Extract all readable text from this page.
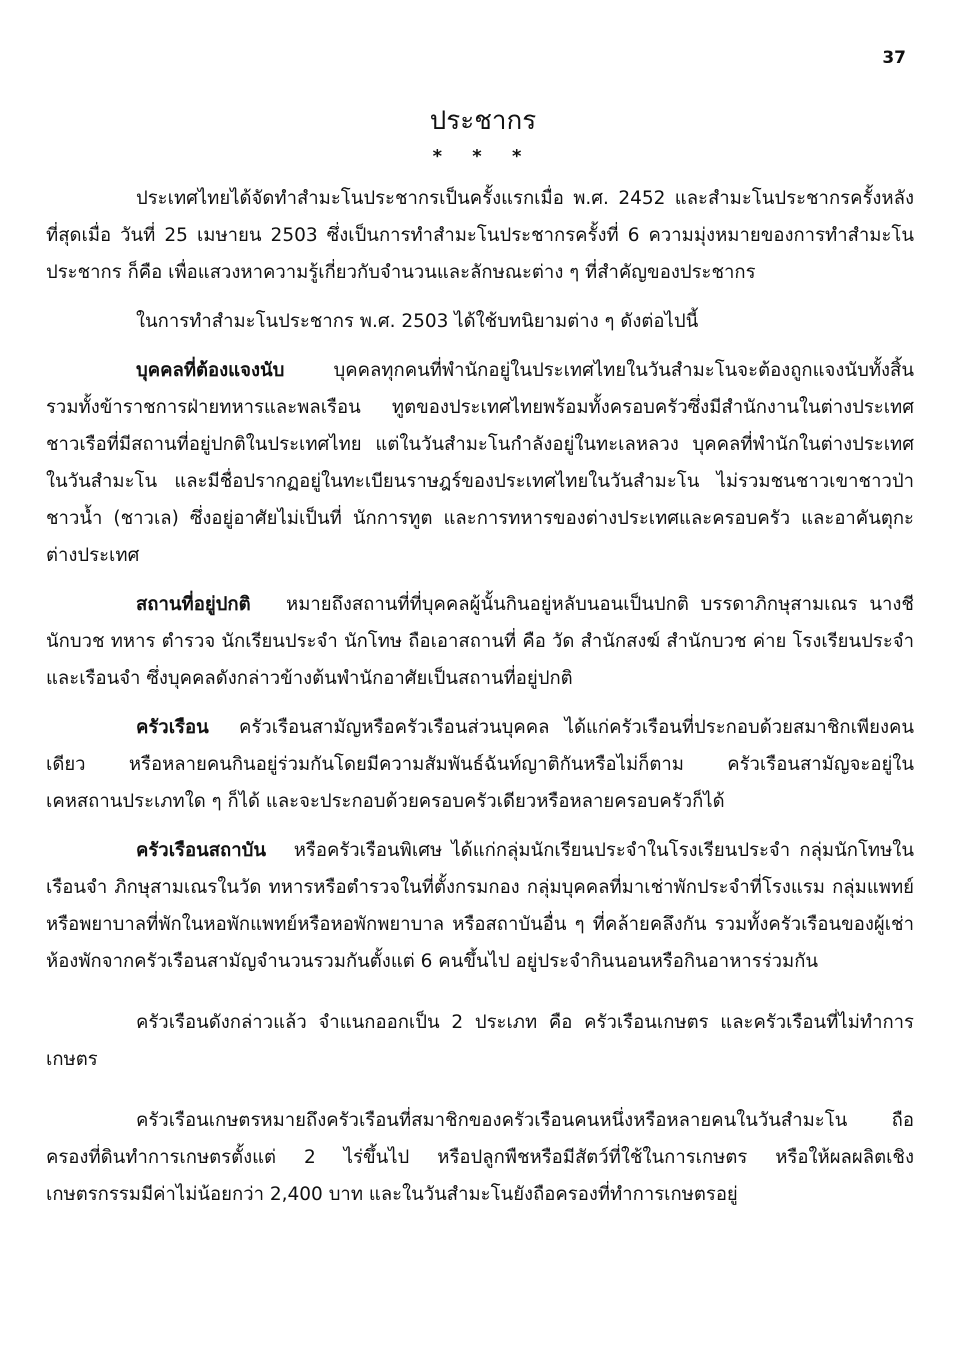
37
ประชากร
* * *

ประเทศไทยได้จัดทำสำมะโนประชากรเป็นครั้งแรกเมื่อ พ.ศ. 2452 และสำมะโนประชากรครั้งหลังที่สุดเมื่อ วันที่ 25 เมษายน 2503 ซึ่งเป็นการทำสำมะโนประชากรครั้งที่ 6 ความมุ่งหมายของการทำสำมะโนประชากร ก็คือ เพื่อแสวงหาความรู้เกี่ยวกับจำนวนและลักษณะต่าง ๆ ที่สำคัญของประชากร

ในการทำสำมะโนประชากร พ.ศ. 2503 ได้ใช้บทนิยามต่าง ๆ ดังต่อไปนี้

บุคคลที่ต้องแจงนับ	บุคคลทุกคนที่พำนักอยู่ในประเทศไทยในวันสำมะโนจะต้องถูกแจงนับทั้งสิ้น รวมทั้งข้าราชการฝ่ายทหารและพลเรือน ทูตของประเทศไทยพร้อมทั้งครอบครัวซึ่งมีสำนักงานในต่างประเทศ ชาวเรือที่มีสถานที่อยู่ปกติในประเทศไทย แต่ในวันสำมะโนกำลังอยู่ในทะเลหลวง บุคคลที่พำนักในต่างประเทศในวันสำมะโน และมีชื่อปรากฏอยู่ในทะเบียนราษฎร์ของประเทศไทยในวันสำมะโน ไม่รวมชนชาวเขาชาวป่า ชาวน้ำ (ชาวเล) ซึ่งอยู่อาศัยไม่เป็นที่ นักการทูต และการทหารของต่างประเทศและครอบครัว และอาคันตุกะต่างประเทศ

สถานที่อยู่ปกติ หมายถึงสถานที่ที่บุคคลผู้นั้นกินอยู่หลับนอนเป็นปกติ บรรดาภิกษุสามเณร นางชี นักบวช ทหาร ตำรวจ นักเรียนประจำ นักโทษ ถือเอาสถานที่ คือ วัด สำนักสงฆ์ สำนักบวช ค่าย โรงเรียนประจำ และเรือนจำ ซึ่งบุคคลดังกล่าวข้างต้นพำนักอาศัยเป็นสถานที่อยู่ปกติ

ครัวเรือน ครัวเรือนสามัญหรือครัวเรือนส่วนบุคคล ได้แก่ครัวเรือนที่ประกอบด้วยสมาชิกเพียงคนเดียว หรือหลายคนกินอยู่ร่วมกันโดยมีความสัมพันธ์ฉันท์ญาติกันหรือไม่ก็ตาม ครัวเรือนสามัญจะอยู่ในเคหสถานประเภทใด ๆ ก็ได้ และจะประกอบด้วยครอบครัวเดียวหรือหลายครอบครัวก็ได้

ครัวเรือนสถาบัน หรือครัวเรือนพิเศษ ได้แก่กลุ่มนักเรียนประจำในโรงเรียนประจำ กลุ่มนักโทษในเรือนจำ ภิกษุสามเณรในวัด ทหารหรือตำรวจในที่ตั้งกรมกอง กลุ่มบุคคลที่มาเช่าพักประจำที่โรงแรม กลุ่มแพทย์หรือพยาบาลที่พักในหอพักแพทย์หรือหอพักพยาบาล หรือสถาบันอื่น ๆ ที่คล้ายคลึงกัน รวมทั้งครัวเรือนของผู้เช่าห้องพักจากครัวเรือนสามัญจำนวนรวมกันตั้งแต่ 6 คนขึ้นไป อยู่ประจำกินนอนหรือกินอาหารร่วมกัน

ครัวเรือนดังกล่าวแล้ว จำแนกออกเป็น 2 ประเภท คือ ครัวเรือนเกษตร และครัวเรือนที่ไม่ทำการเกษตร

ครัวเรือนเกษตรหมายถึงครัวเรือนที่สมาชิกของครัวเรือนคนหนึ่งหรือหลายคนในวันสำมะโน ถือครองที่ดินทำการเกษตรตั้งแต่ 2 ไร่ขึ้นไป หรือปลูกพืชหรือมีสัตว์ที่ใช้ในการเกษตร หรือให้ผลผลิตเชิงเกษตรกรรมมีค่าไม่น้อยกว่า 2,400 บาท และในวันสำมะโนยังถือครองที่ทำการเกษตรอยู่
